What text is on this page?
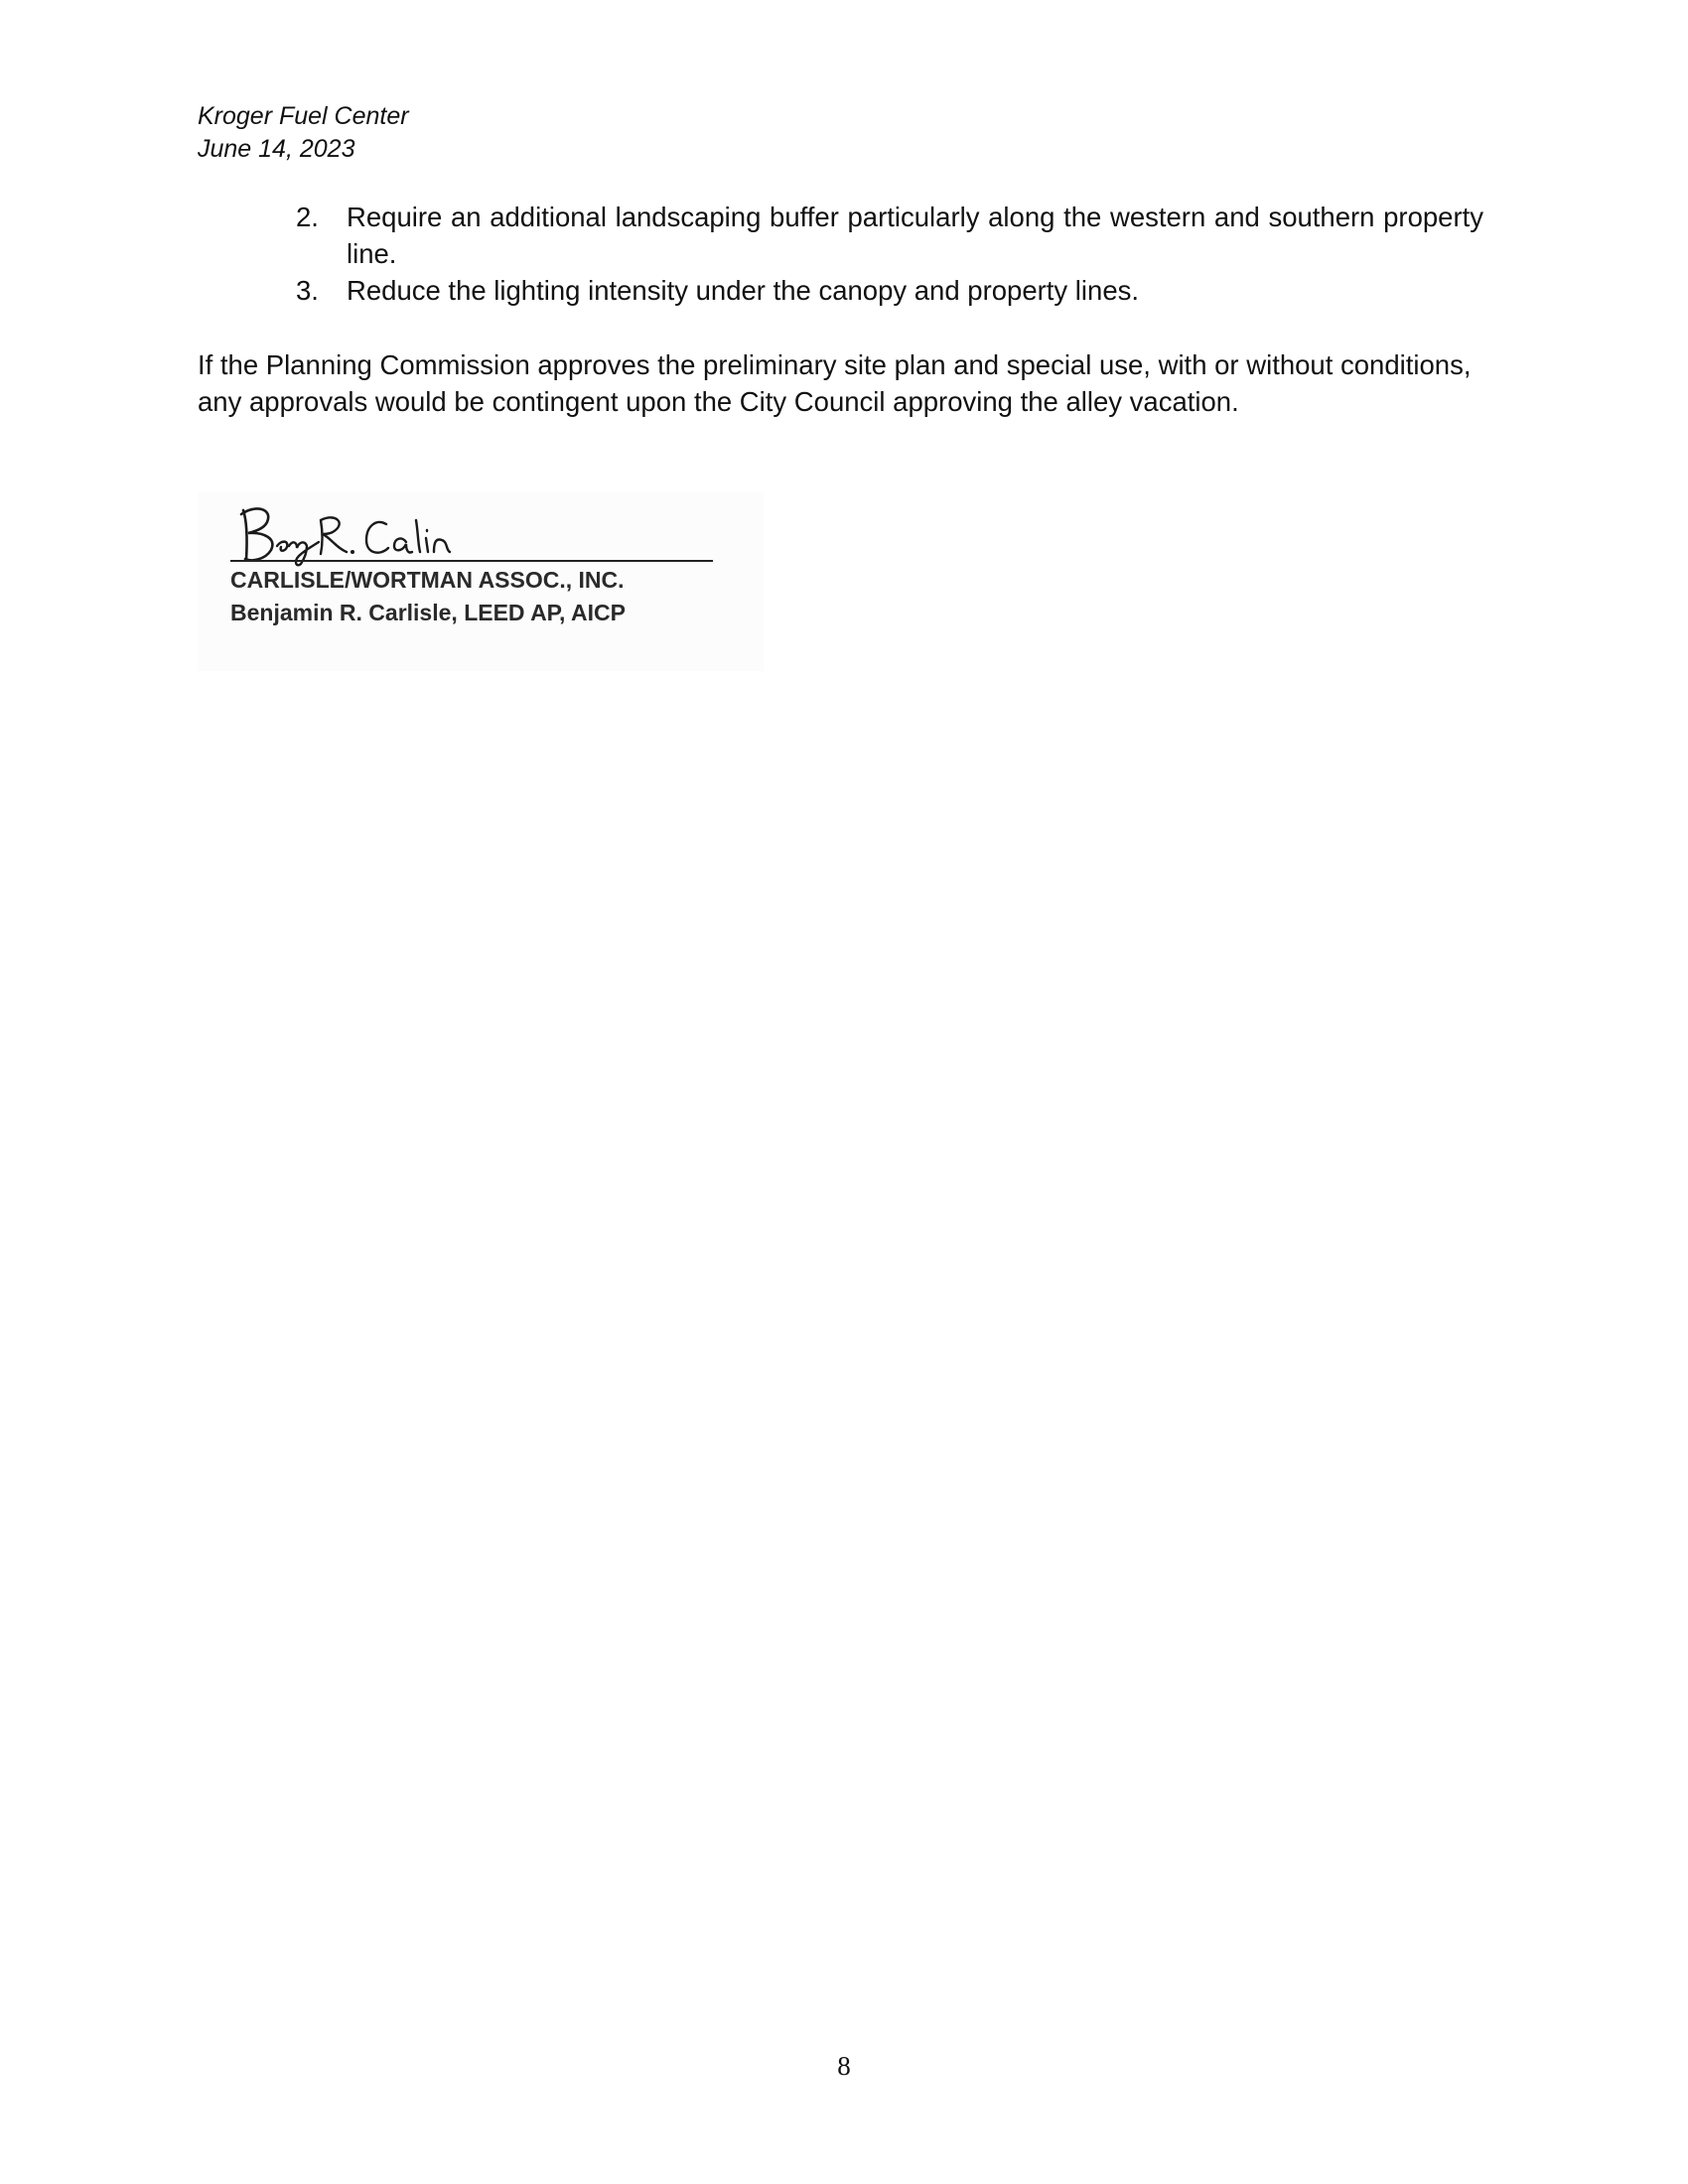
Kroger Fuel Center
June 14, 2023
2. Require an additional landscaping buffer particularly along the western and southern property line.
3. Reduce the lighting intensity under the canopy and property lines.

If the Planning Commission approves the preliminary site plan and special use, with or without conditions, any approvals would be contingent upon the City Council approving the alley vacation.

CARLISLE/WORTMAN ASSOC., INC.
Benjamin R. Carlisle, LEED AP, AICP
8
